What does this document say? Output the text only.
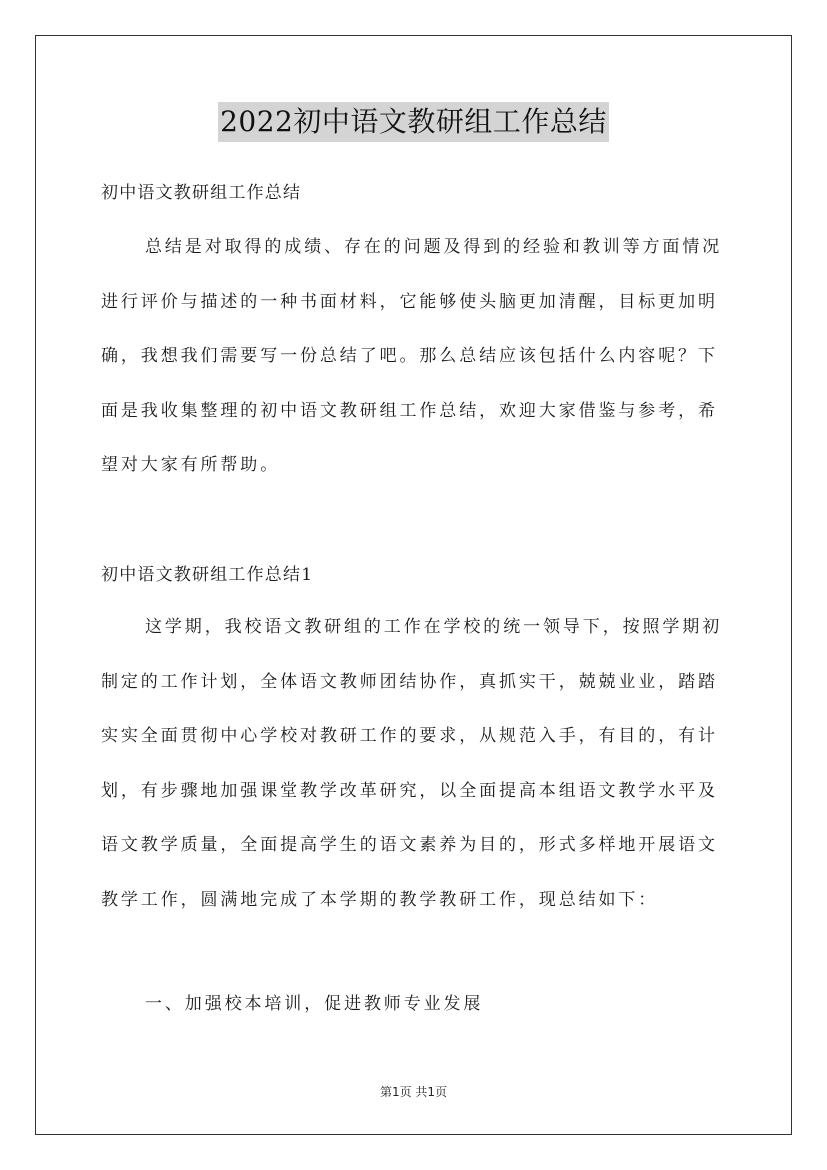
2022初中语文教研组工作总结
初中语文教研组工作总结

总结是对取得的成绩、存在的问题及得到的经验和教训等方面情况进行评价与描述的一种书面材料，它能够使头脑更加清醒，目标更加明确，我想我们需要写一份总结了吧。那么总结应该包括什么内容呢？下面是我收集整理的初中语文教研组工作总结，欢迎大家借鉴与参考，希望对大家有所帮助。

初中语文教研组工作总结1

这学期，我校语文教研组的工作在学校的统一领导下，按照学期初制定的工作计划，全体语文教师团结协作，真抓实干，兢兢业业，踏踏实实全面贯彻中心学校对教研工作的要求，从规范入手，有目的，有计划，有步骤地加强课堂教学改革研究，以全面提高本组语文教学水平及语文教学质量，全面提高学生的语文素养为目的，形式多样地开展语文教学工作，圆满地完成了本学期的教学教研工作，现总结如下：

一、加强校本培训，促进教师专业发展

第1页 共1页
